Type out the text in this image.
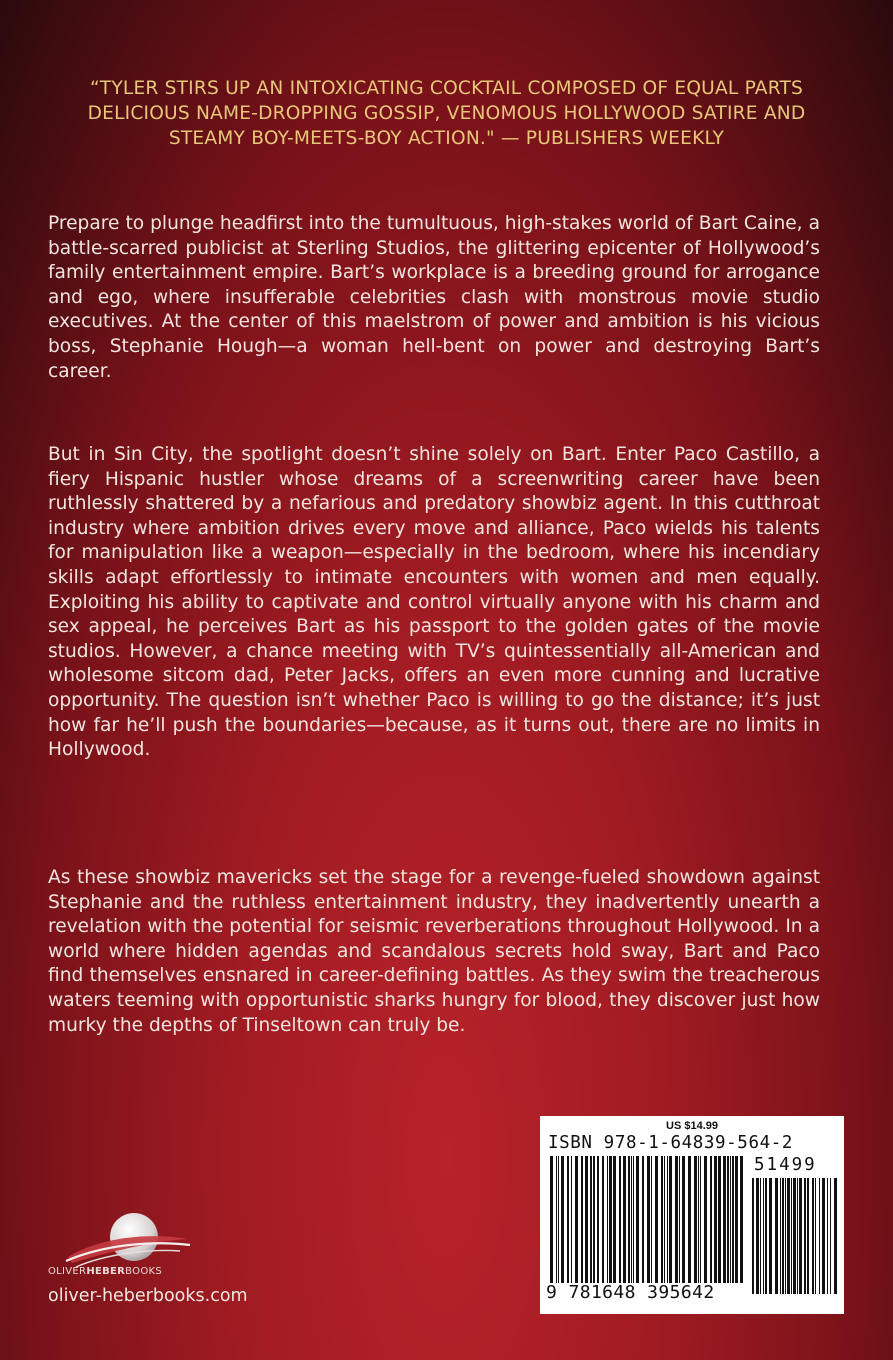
“TYLER STIRS UP AN INTOXICATING COCKTAIL COMPOSED OF EQUAL PARTS DELICIOUS NAME-DROPPING GOSSIP, VENOMOUS HOLLYWOOD SATIRE AND STEAMY BOY-MEETS-BOY ACTION." — PUBLISHERS WEEKLY
Prepare to plunge headfirst into the tumultuous, high-stakes world of Bart Caine, a battle-scarred publicist at Sterling Studios, the glittering epicenter of Hollywood’s family entertainment empire. Bart’s workplace is a breeding ground for arrogance and ego, where insufferable celebrities clash with monstrous movie studio executives. At the center of this maelstrom of power and ambition is his vicious boss, Stephanie Hough—a woman hell-bent on power and destroying Bart’s career.
But in Sin City, the spotlight doesn’t shine solely on Bart. Enter Paco Castillo, a fiery Hispanic hustler whose dreams of a screenwriting career have been ruthlessly shattered by a nefarious and predatory showbiz agent. In this cutthroat industry where ambition drives every move and alliance, Paco wields his talents for manipulation like a weapon—especially in the bedroom, where his incendiary skills adapt effortlessly to intimate encounters with women and men equally. Exploiting his ability to captivate and control virtually anyone with his charm and sex appeal, he perceives Bart as his passport to the golden gates of the movie studios. However, a chance meeting with TV’s quintessentially all-American and wholesome sitcom dad, Peter Jacks, offers an even more cunning and lucrative opportunity. The question isn’t whether Paco is willing to go the distance; it’s just how far he’ll push the boundaries—because, as it turns out, there are no limits in Hollywood.
As these showbiz mavericks set the stage for a revenge-fueled showdown against Stephanie and the ruthless entertainment industry, they inadvertently unearth a revelation with the potential for seismic reverberations throughout Hollywood. In a world where hidden agendas and scandalous secrets hold sway, Bart and Paco find themselves ensnared in career-defining battles. As they swim the treacherous waters teeming with opportunistic sharks hungry for blood, they discover just how murky the depths of Tinseltown can truly be.
OLIVERHEBERBOOKS
oliver-heberbooks.com
US $14.99
ISBN 978-1-64839-564-2
51499
9 781648 395642
